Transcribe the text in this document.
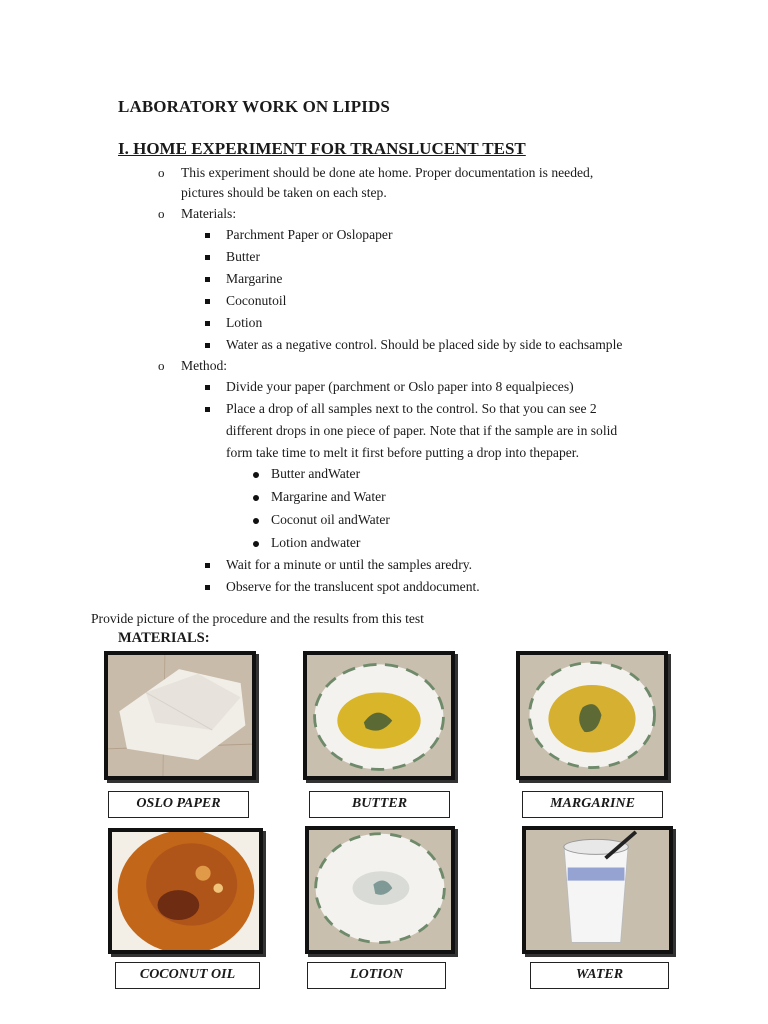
LABORATORY WORK ON LIPIDS
I. HOME EXPERIMENT FOR TRANSLUCENT TEST
o	This experiment should be done ate home. Proper documentation is needed,
pictures should be taken on each step.
o	Materials:
Parchment Paper or Oslopaper
Butter
Margarine
Coconutoil
Lotion
Water as a negative control. Should be placed side by side to eachsample
o	Method:
Divide your paper (parchment or Oslo paper into 8 equalpieces)
Place a drop of all samples next to the control. So that you can see 2
different drops in one piece of paper. Note that if the sample are in solid
form take time to melt it first before putting a drop into thepaper.
Butter andWater
Margarine and Water
Coconut oil andWater
Lotion andwater
Wait for a minute or until the samples aredry.
Observe for the translucent spot anddocument.
Provide picture of the procedure and the results from this test
MATERIALS:
OSLO PAPER	BUTTER	MARGARINE
COCONUT OIL	LOTION	WATER
